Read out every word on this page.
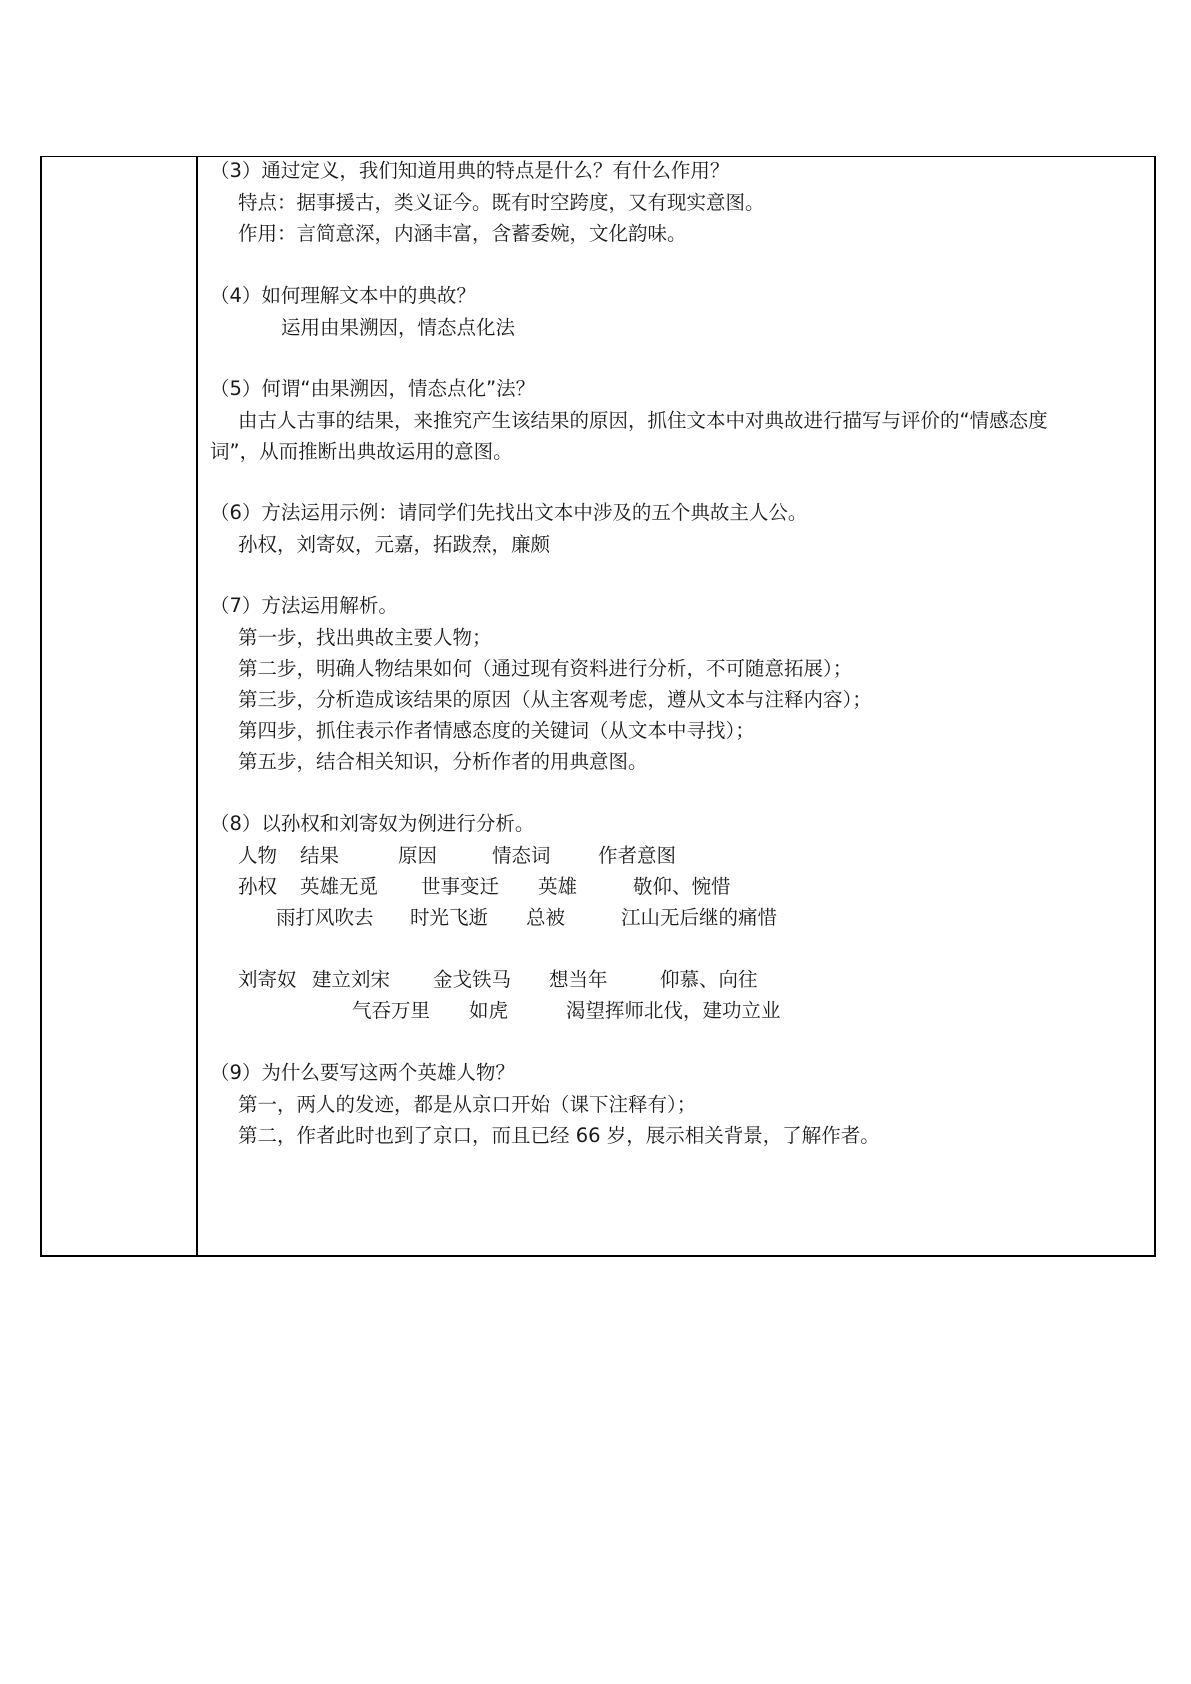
（3）通过定义，我们知道用典的特点是什么？有什么作用？
特点：据事援古，类义证今。既有时空跨度，又有现实意图。
作用：言简意深，内涵丰富，含蓄委婉，文化韵味。
（4）如何理解文本中的典故？
运用由果溯因，情态点化法
（5）何谓“由果溯因，情态点化”法？
由古人古事的结果，来推究产生该结果的原因，抓住文本中对典故进行描写与评价的“情感态度
词”，从而推断出典故运用的意图。
（6）方法运用示例：请同学们先找出文本中涉及的五个典故主人公。
孙权，刘寄奴，元嘉，拓跋焘，廉颇
（7）方法运用解析。
第一步，找出典故主要人物；
第二步，明确人物结果如何（通过现有资料进行分析，不可随意拓展）；
第三步，分析造成该结果的原因（从主客观考虑，遵从文本与注释内容）；
第四步，抓住表示作者情感态度的关键词（从文本中寻找）；
第五步，结合相关知识，分析作者的用典意图。
（8）以孙权和刘寄奴为例进行分析。
人物 结果	原因	情态词 作者意图
孙权 英雄无觅 世事变迁 英雄	敬仰、惋惜
雨打风吹去 时光飞逝 总被	江山无后继的痛惜
刘寄奴 建立刘宋 金戈铁马 想当年	仰慕、向往
气吞万里 如虎	渴望挥师北伐，建功立业
（9）为什么要写这两个英雄人物？
第一，两人的发迹，都是从京口开始（课下注释有）；
第二，作者此时也到了京口，而且已经 66 岁，展示相关背景，了解作者。
